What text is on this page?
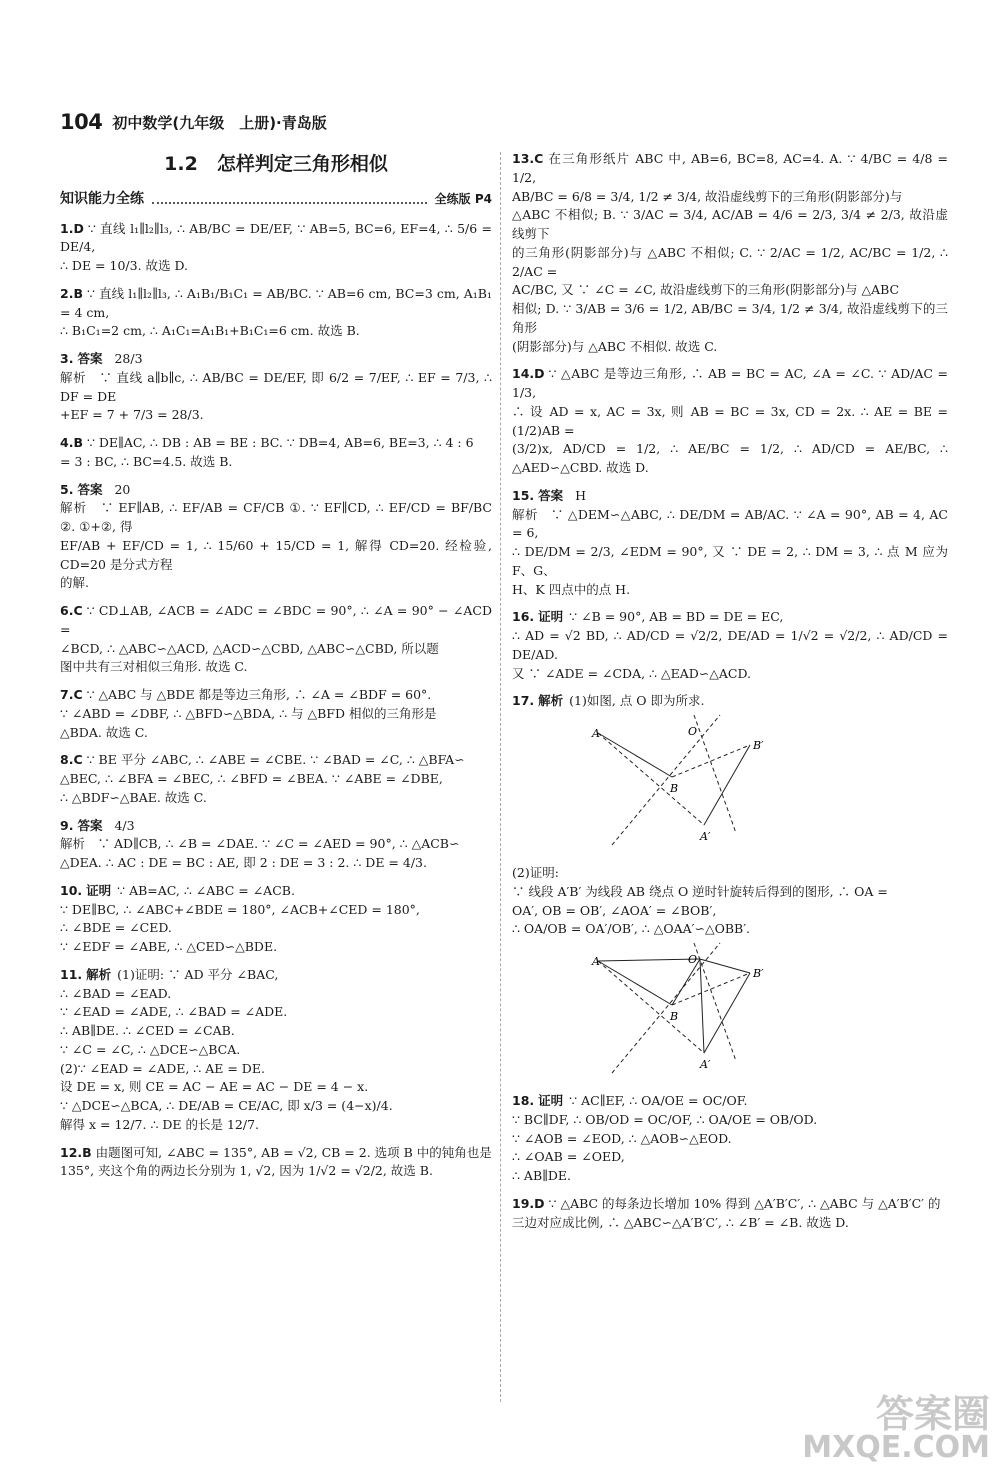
104 初中数学(九年级　上册)·青岛版
1.2　怎样判定三角形相似
知识能力全练	全练版 P4
1.D ∵ 直线 l₁∥l₂∥l₃, ∴ AB/BC = DE/EF, ∵ AB=5, BC=6, EF=4, ∴ 5/6 = DE/4,
∴ DE = 10/3. 故选 D.
2.B ∵ 直线 l₁∥l₂∥l₃, ∴ A₁B₁/B₁C₁ = AB/BC. ∵ AB=6 cm, BC=3 cm, A₁B₁ = 4 cm,
∴ B₁C₁=2 cm, ∴ A₁C₁=A₁B₁+B₁C₁=6 cm. 故选 B.
3. 答案 28/3
解析　∵ 直线 a∥b∥c, ∴ AB/BC = DE/EF, 即 6/2 = 7/EF, ∴ EF = 7/3, ∴ DF = DE
+EF = 7 + 7/3 = 28/3.
4.B ∵ DE∥AC, ∴ DB : AB = BE : BC. ∵ DB=4, AB=6, BE=3, ∴ 4 : 6
= 3 : BC, ∴ BC=4.5. 故选 B.
5. 答案 20
解析　∵ EF∥AB, ∴ EF/AB = CF/CB ①. ∵ EF∥CD, ∴ EF/CD = BF/BC ②. ①+②, 得
EF/AB + EF/CD = 1, ∴ 15/60 + 15/CD = 1, 解得 CD=20. 经检验, CD=20 是分式方程
的解.
6.C ∵ CD⊥AB, ∠ACB = ∠ADC = ∠BDC = 90°, ∴ ∠A = 90° − ∠ACD =
∠BCD, ∴ △ABC∽△ACD, △ACD∽△CBD, △ABC∽△CBD, 所以题
图中共有三对相似三角形. 故选 C.
7.C ∵ △ABC 与 △BDE 都是等边三角形, ∴ ∠A = ∠BDF = 60°.
∵ ∠ABD = ∠DBF, ∴ △BFD∽△BDA, ∴ 与 △BFD 相似的三角形是
△BDA. 故选 C.
8.C ∵ BE 平分 ∠ABC, ∴ ∠ABE = ∠CBE. ∵ ∠BAD = ∠C, ∴ △BFA∽
△BEC, ∴ ∠BFA = ∠BEC, ∴ ∠BFD = ∠BEA. ∵ ∠ABE = ∠DBE,
∴ △BDF∽△BAE. 故选 C.
9. 答案 4/3
解析　∵ AD∥CB, ∴ ∠B = ∠DAE. ∵ ∠C = ∠AED = 90°, ∴ △ACB∽
△DEA. ∴ AC : DE = BC : AE, 即 2 : DE = 3 : 2. ∴ DE = 4/3.
10. 证明 ∵ AB=AC, ∴ ∠ABC = ∠ACB.
∵ DE∥BC, ∴ ∠ABC+∠BDE = 180°, ∠ACB+∠CED = 180°,
∴ ∠BDE = ∠CED.
∵ ∠EDF = ∠ABE, ∴ △CED∽△BDE.
11. 解析 (1)证明: ∵ AD 平分 ∠BAC,
∴ ∠BAD = ∠EAD.
∵ ∠EAD = ∠ADE, ∴ ∠BAD = ∠ADE.
∴ AB∥DE. ∴ ∠CED = ∠CAB.
∵ ∠C = ∠C, ∴ △DCE∽△BCA.
(2)∵ ∠EAD = ∠ADE, ∴ AE = DE.
设 DE = x, 则 CE = AC − AE = AC − DE = 4 − x.
∵ △DCE∽△BCA, ∴ DE/AB = CE/AC, 即 x/3 = (4−x)/4.
解得 x = 12/7. ∴ DE 的长是 12/7.
12.B 由题图可知, ∠ABC = 135°, AB = √2, CB = 2. 选项 B 中的钝角也是
135°, 夹这个角的两边长分别为 1, √2, 因为 1/√2 = √2/2, 故选 B.
13.C 在三角形纸片 ABC 中, AB=6, BC=8, AC=4. A. ∵ 4/BC = 4/8 = 1/2,
AB/BC = 6/8 = 3/4, 1/2 ≠ 3/4, 故沿虚线剪下的三角形(阴影部分)与
△ABC 不相似; B. ∵ 3/AC = 3/4, AC/AB = 4/6 = 2/3, 3/4 ≠ 2/3, 故沿虚线剪下
的三角形(阴影部分)与 △ABC 不相似; C. ∵ 2/AC = 1/2, AC/BC = 1/2, ∴ 2/AC =
AC/BC, 又 ∵ ∠C = ∠C, 故沿虚线剪下的三角形(阴影部分)与 △ABC
相似; D. ∵ 3/AB = 3/6 = 1/2, AB/BC = 3/4, 1/2 ≠ 3/4, 故沿虚线剪下的三角形
(阴影部分)与 △ABC 不相似. 故选 C.
14.D ∵ △ABC 是等边三角形, ∴ AB = BC = AC, ∠A = ∠C. ∵ AD/AC = 1/3,
∴ 设 AD = x, AC = 3x, 则 AB = BC = 3x, CD = 2x. ∴ AE = BE = (1/2)AB =
(3/2)x, AD/CD = 1/2, ∴ AE/BC = 1/2, ∴ AD/CD = AE/BC, ∴ △AED∽△CBD. 故选 D.
15. 答案 H
解析　∵ △DEM∽△ABC, ∴ DE/DM = AB/AC. ∵ ∠A = 90°, AB = 4, AC = 6,
∴ DE/DM = 2/3, ∠EDM = 90°, 又 ∵ DE = 2, ∴ DM = 3, ∴ 点 M 应为 F、G、
H、K 四点中的点 H.
16. 证明 ∵ ∠B = 90°, AB = BD = DE = EC,
∴ AD = √2 BD, ∴ AD/CD = √2/2, DE/AD = 1/√2 = √2/2, ∴ AD/CD = DE/AD.
又 ∵ ∠ADE = ∠CDA, ∴ △EAD∽△ACD.
17. 解析 (1)如图, 点 O 即为所求.
A	O
B′
B
A′
(2)证明:
∵ 线段 A′B′ 为线段 AB 绕点 O 逆时针旋转后得到的图形, ∴ OA =
OA′, OB = OB′, ∠AOA′ = ∠BOB′,
∴ OA/OB = OA′/OB′, ∴ △OAA′∽△OBB′.
A	O
B′
B
A′
18. 证明 ∵ AC∥EF, ∴ OA/OE = OC/OF.
∵ BC∥DF, ∴ OB/OD = OC/OF, ∴ OA/OE = OB/OD.
∵ ∠AOB = ∠EOD, ∴ △AOB∽△EOD.
∴ ∠OAB = ∠OED,
∴ AB∥DE.
19.D ∵ △ABC 的每条边长增加 10% 得到 △A′B′C′, ∴ △ABC 与 △A′B′C′ 的
三边对应成比例, ∴ △ABC∽△A′B′C′, ∴ ∠B′ = ∠B. 故选 D.
答案圈
MXQE.COM
